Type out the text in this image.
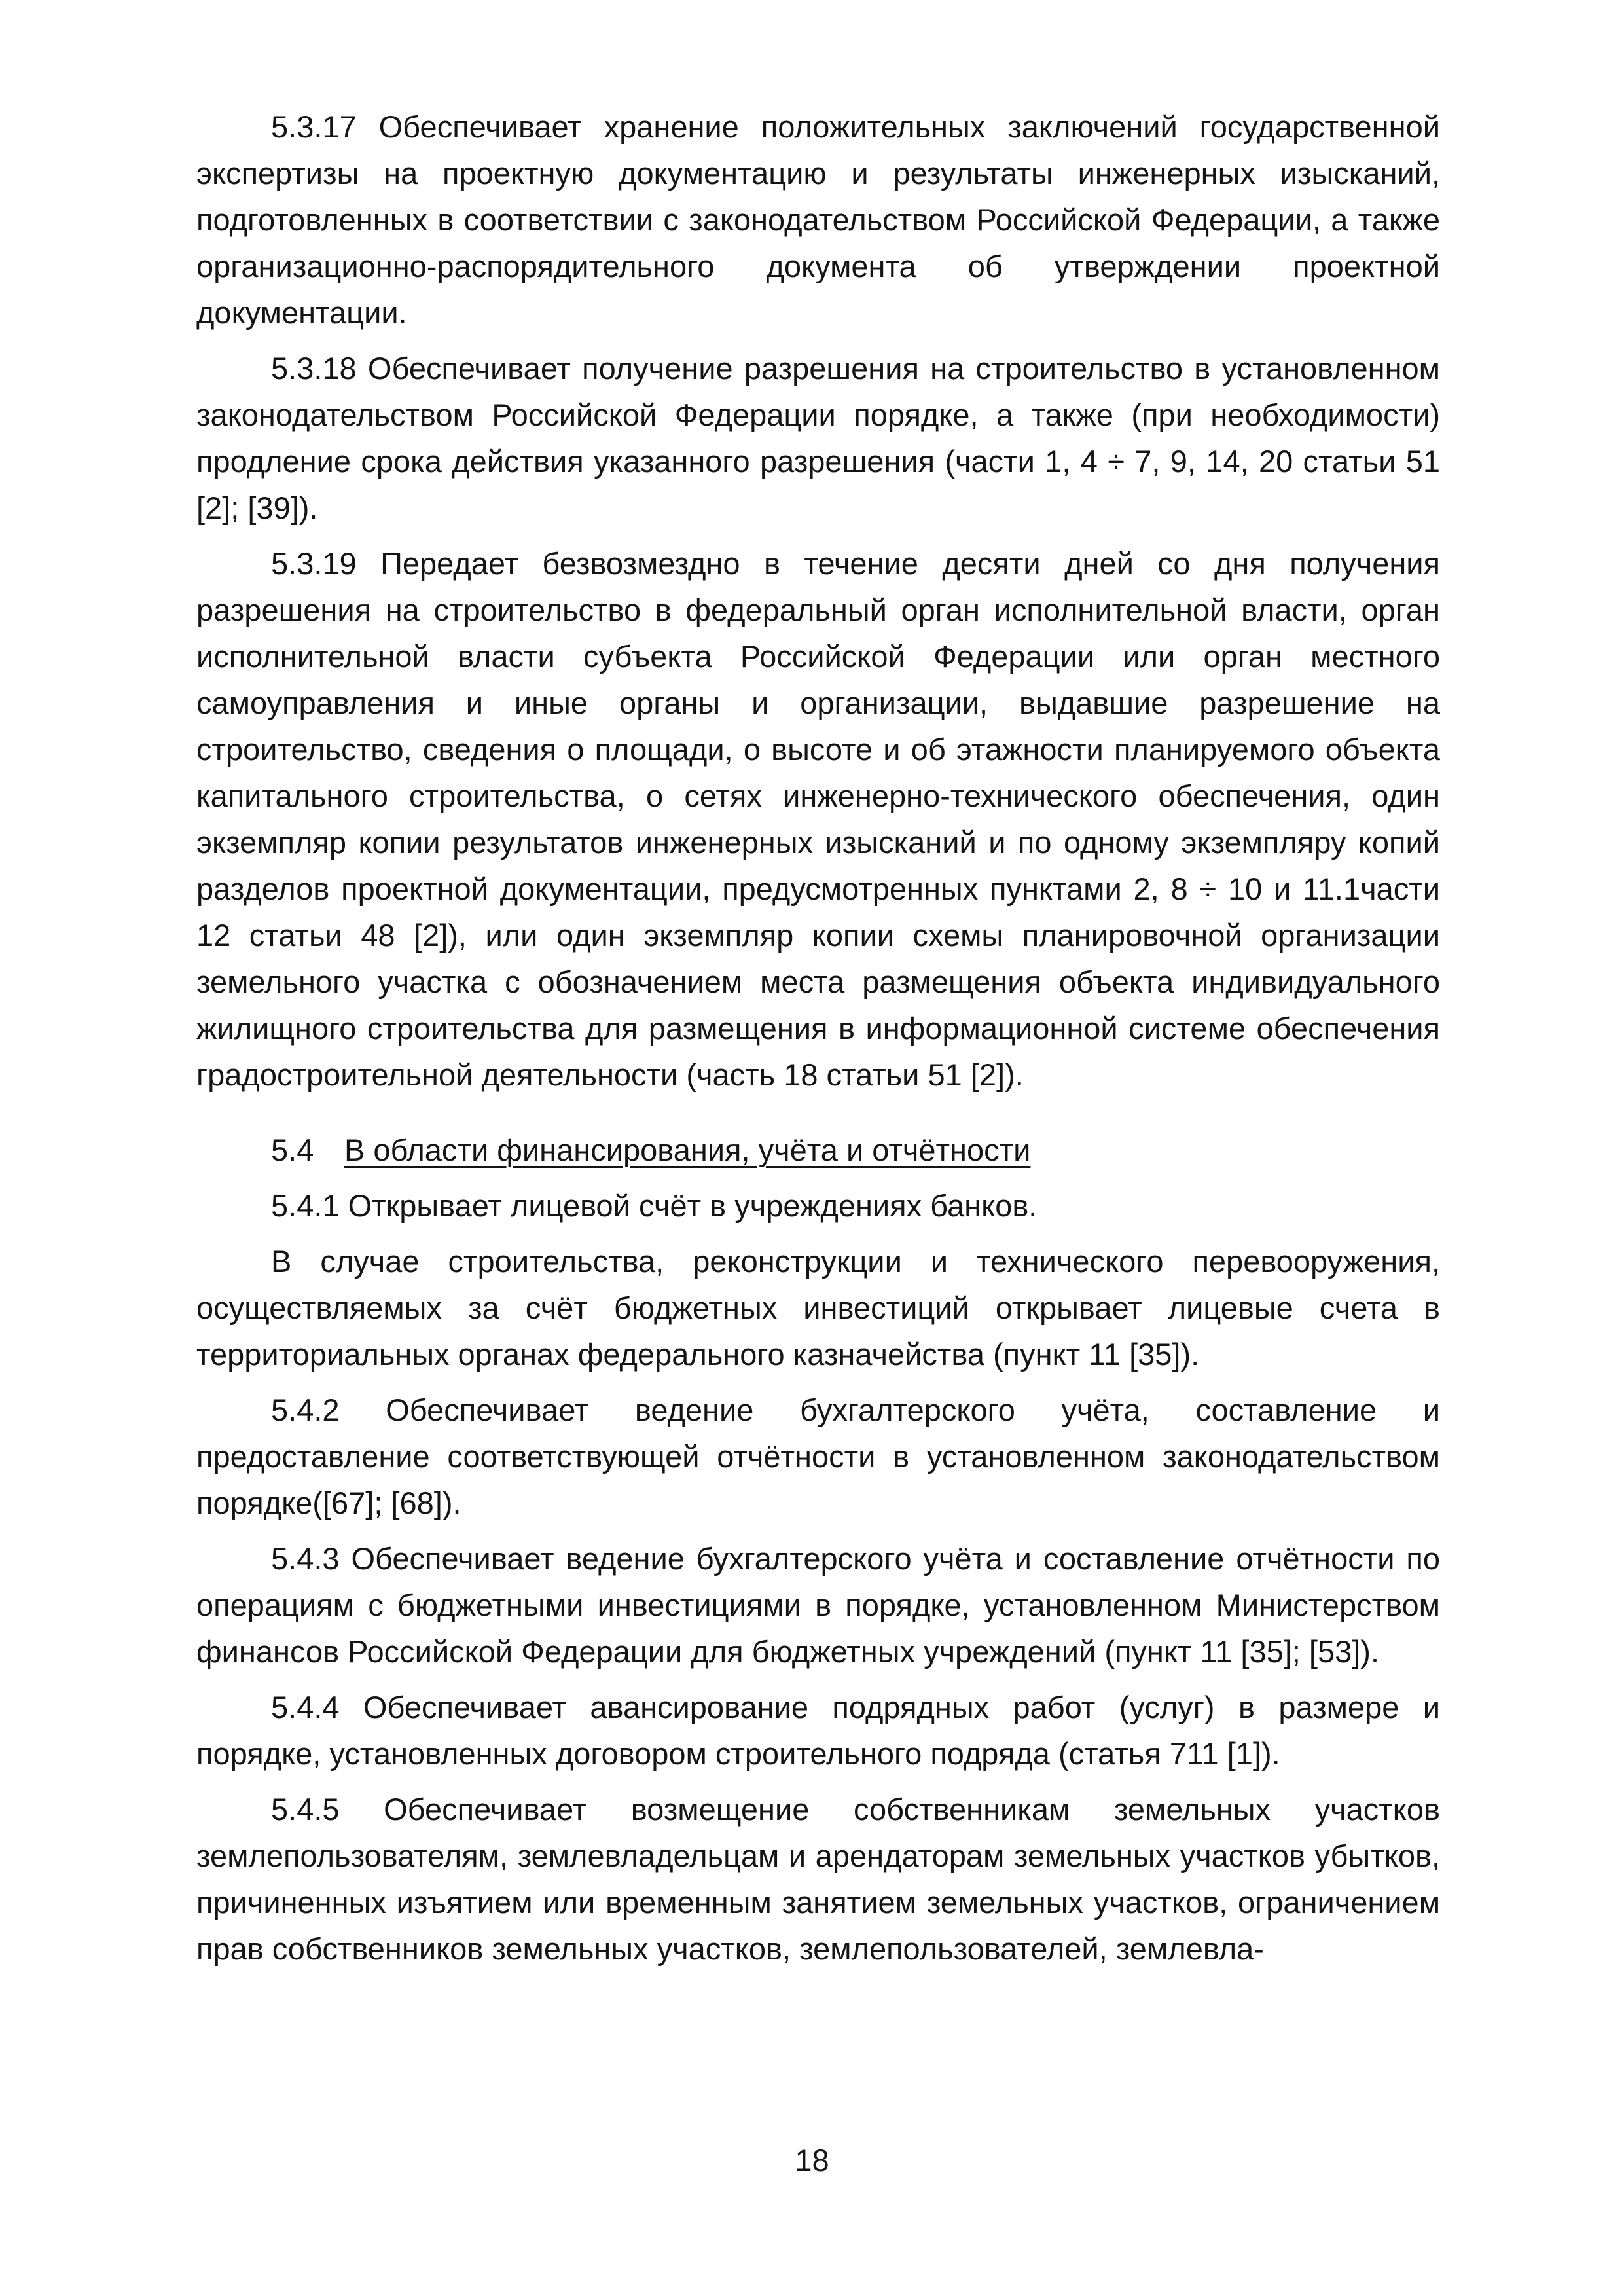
5.3.17 Обеспечивает хранение положительных заключений государственной экспертизы на проектную документацию и результаты инженерных изысканий, подготовленных в соответствии с законодательством Российской Федерации, а также организационно-распорядительного документа об утверждении проектной документации.

5.3.18 Обеспечивает получение разрешения на строительство в установленном законодательством Российской Федерации порядке, а также (при необходимости) продление срока действия указанного разрешения (части 1, 4 ÷ 7, 9, 14, 20 статьи 51 [2]; [39]).

5.3.19 Передает безвозмездно в течение десяти дней со дня получения разрешения на строительство в федеральный орган исполнительной власти, орган исполнительной власти субъекта Российской Федерации или орган местного самоуправления и иные органы и организации, выдавшие разрешение на строительство, сведения о площади, о высоте и об этажности планируемого объекта капитального строительства, о сетях инженерно-технического обеспечения, один экземпляр копии результатов инженерных изысканий и по одному экземпляру копий разделов проектной документации, предусмотренных пунктами 2, 8 ÷ 10 и 11.1части 12 статьи 48 [2]), или один экземпляр копии схемы планировочной организации земельного участка с обозначением места размещения объекта индивидуального жилищного строительства для размещения в информационной системе обеспечения градостроительной деятельности (часть 18 статьи 51 [2]).

5.4 В области финансирования, учёта и отчётности

5.4.1 Открывает лицевой счёт в учреждениях банков.

В случае строительства, реконструкции и технического перевооружения, осуществляемых за счёт бюджетных инвестиций открывает лицевые счета в территориальных органах федерального казначейства (пункт 11 [35]).

5.4.2 Обеспечивает ведение бухгалтерского учёта, составление и предоставление соответствующей отчётности в установленном законодательством порядке([67]; [68]).

5.4.3 Обеспечивает ведение бухгалтерского учёта и составление отчётности по операциям с бюджетными инвестициями в порядке, установленном Министерством финансов Российской Федерации для бюджетных учреждений (пункт 11 [35]; [53]).

5.4.4 Обеспечивает авансирование подрядных работ (услуг) в размере и порядке, установленных договором строительного подряда (статья 711 [1]).

5.4.5 Обеспечивает возмещение собственникам земельных участков землепользователям, землевладельцам и арендаторам земельных участков убытков, причиненных изъятием или временным занятием земельных участков, ограничением прав собственников земельных участков, землепользователей, землевла-

18
